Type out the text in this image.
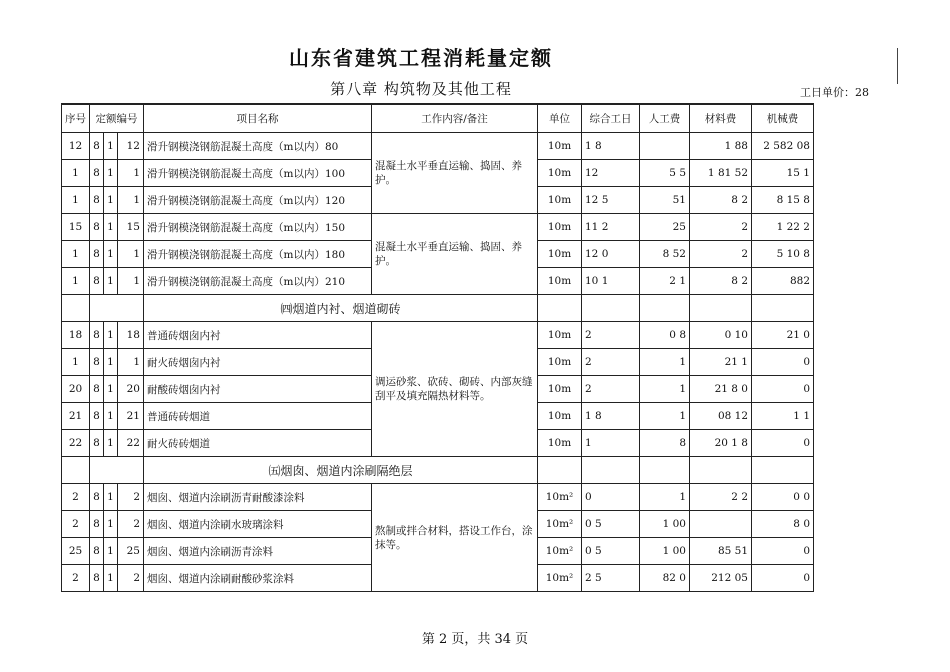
山东省建筑工程消耗量定额
第八章 构筑物及其他工程	工日单价：28
序号	定额编号			项目名称	工作内容/备注	单位	综合工日	人工费	材料费	机械费
12	8	1	12	滑升钢模浇钢筋混凝土高度（m以内）80	混凝土水平垂直运输、捣固、养护。	10m	1 8		1 88	2 582 08
1	8	1	1	滑升钢模浇钢筋混凝土高度（m以内）100		10m	12	5 5	1 81 52	15 1
1	8	1	1	滑升钢模浇钢筋混凝土高度（m以内）120		10m	12 5	51	8 2	8 15 8
15	8	1	15	滑升钢模浇钢筋混凝土高度（m以内）150	混凝土水平垂直运输、捣固、养护。	10m	11 2	25	2	1 22 2
1	8	1	1	滑升钢模浇钢筋混凝土高度（m以内）180		10m	12 0	8 52	2	5 10 8
1	8	1	1	滑升钢模浇钢筋混凝土高度（m以内）210		10m	10 1	2 1	8 2	882
				㈣烟道内衬、烟道砌砖						
18	8	1	18	普通砖烟囱内衬	调运砂浆、砍砖、砌砖、内部灰缝刮平及填充隔热材料等。	10m	2	0 8	0 10	21 0
1	8	1	1	耐火砖烟囱内衬		10m	2	1	21 1	0
20	8	1	20	耐酸砖烟囱内衬		10m	2	1	21 8 0	0
21	8	1	21	普通砖砖烟道		10m	1 8	1	08 12	1 1
22	8	1	22	耐火砖砖烟道		10m	1	8	20 1 8	0
				㈤烟囱、烟道内涂刷隔绝层						
2	8	1	2	烟囱、烟道内涂刷沥青耐酸漆涂料	熬制或拌合材料，搭设工作台，涂抹等。	10m²	0	1	2 2	0 0
2	8	1	2	烟囱、烟道内涂刷水玻璃涂料		10m²	0 5	1 00		8 0
25	8	1	25	烟囱、烟道内涂刷沥青涂料		10m²	0 5	1 00	85 51	0
2	8	1	2	烟囱、烟道内涂刷耐酸砂浆涂料		10m²	2 5	82 0	212 05	0
第 2 页，共 34 页
